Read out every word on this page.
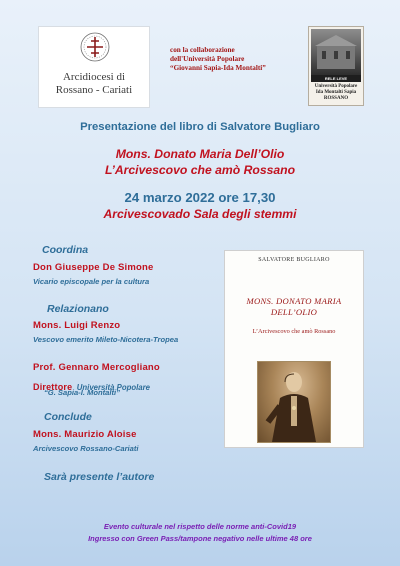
Arcidiocesi di
Rossano - Cariati
con la collaborazione
dell'Università Popolare
“Giovanni Sapia-Ida Montalti”
RELE LEVE
Università Popolare
Ida Montalti Sapia
ROSSANO
Presentazione del libro di Salvatore Bugliaro
Mons. Donato Maria Dell’Olio
L’Arcivescovo che amò Rossano
24 marzo 2022 ore 17,30
Arcivescovado Sala degli stemmi
Coordina
Don Giuseppe De Simone
Vicario episcopale per la cultura
Relazionano
Mons. Luigi Renzo
Vescovo emerito Mileto-Nicotera-Tropea
Prof. Gennaro Mercogliano
Direttore Università Popolare
“G. Sapia-I. Montalti”
Conclude
Mons. Maurizio Aloise
Arcivescovo Rossano-Cariati
Sarà presente l’autore
SALVATORE BUGLIARO
MONS. DONATO MARIA
DELL’OLIO
L’Arcivescovo che amò Rossano
Evento culturale nel rispetto delle norme anti-Covid19
Ingresso con Green Pass/tampone negativo nelle ultime 48 ore
